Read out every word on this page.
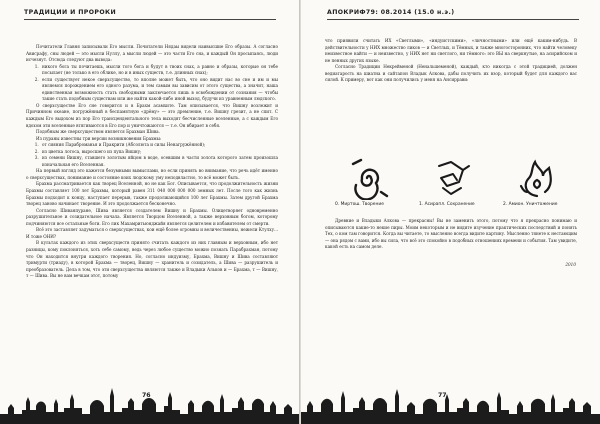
ТРАДИЦИИ И ПРОРОКИ

Почитатели Главня записывали Его мысли. Почитатели Нядаы видели наивысшие Его образы. А согласно Ависрафу, сны людей — это мысли Нуллу, а мысли людей — это части Его сна, и каждый Он просыпаясь, люди исчезнут. Отсюда следуют два вывода:

1. никого бога ты почитаешь, мысли того бога и будут в твоих снах, а равно и образы, которые он тебе посылает (не только в его облике, но и в иных существ, т.е. длинных снах);
2. если существует некое сверхсущество, то вполне может быть, что оно видит нас во сне и им и мы являемся порождением его одного разума, и тем самым вы зависим от этого существа, а значит, наша единственная возможность стать свободными заключается лишь в освобождении от сознания — чтобы такие стать подобным существам или же найти какой-либо иной выход, будучи из уравненным людского.

О сверхсуществе Его сне говорится и в Брахм асамхите. Там описывается, что Вишну возлежит и Причинном океане, погружённый в беспамятную «дрёму» — это дремление, т.е. Вишну грезит, а не спит. С каждым Его выдохом из пор Его трансцендентального тела выходят бесчисленные вселенные, а с каждым Его вдохом эти вселенные втягиваются в Его пор и уничтожаются — т.е. Он вбирает в себя.

Подобным же сверхсуществом является Брахман Шива.

Из пураны известны три версии возникновения Брахмы:

1. от сияния Параброманья и Пракрити (Абсолюта и силы Ненагружённой);
2. из цветка лотоса, выросшего из пупа Вишну;
3. из семени Вишну, ставшего золотым яйцом в воде, осевшим в части золота которого затем произошла изначальная его Вселенная.

На первый взгляд это кажется безумными вымыслами, но если принять во внимание, что речь идёт именно о сверхсуществах, понимание и состояние коих людскому уму неподвластно, то всё может быть.

Брахма рассматривается как творец Вселенной, но не как Бог. Описывается, что продолжительность жизни Брахмы составляет 100 лет Брахмы, который равен 311 040 000 000 000 земных лет. После того как жизнь Брахмы подходит к концу, наступает перерыв, также продолжающийся 100 лет Брахмы. Затем другой Брахма творец заново начинает творение. И это продолжается бесконечно.

Согласно Шиванпуране, Шива является создателем Вишну и Брахмы. Олицетворяет одновременно разрушительное и созидательное начала. Является Творцом Вселенной, а также верховным богом, которому подчиняются все остальные боги. Его лик Махамритьюнджайя является целителем и избавителем от смерти.

Всё это заставляет задуматься о сверхсуществах, кои ещё более огромны и величественны, нежели Ктулху... И тоже ОНИ?

В культах каждого из этих сверхсуществ принято считать каждого из них главным и верховным, ибо нет разницы, кому поклоняться, хоть себе самому, ведь через любое существо можно познать Парабрахман, потому что Он находится внутри каждого творения. Но, согласно индуизму, Брахма, Вишну и Шива составляют тримурти (триаду), в которой Брахма — творец, Вишну — хранитель и созидатель, а Шива — разрушитель и преобразователь. Дела в том, что эти сверхсущества являются также и Владыки Альков и — Брахма, т — Вишну, т — Шива. Вы не вам вечкам этот, потому

76
АПОКРИФ79: 08.2014 (15.0 н.э.)

что приявили считать ИХ «Светлыми», «индуистскими», «личностными» или ещё каким-нибудь. В действительности у НИХ множество ликов — и Светлых, и Тёмных, и также многосторонних, что найти человеку неизвестное найти — и неизвестно, у НИХ нет ни светлого, ни тёмного: это ВЫ на сверкнутые, на асирийском и не пенных других языке.

Согласно Традиции Некрейменой (Ненальшеменой), каждый, кто никогда с этой традицией, должен ведиатарость на шиатна и сайтапон Владык Алкова, дабы получить их взор, который будет для каждого вас силой. К примеру, вот как они получились у меня на Ансиррави:

0. Миртош. Творение	1. Асирапл. Сохранение	2. Амион. Уничтожение

Древние и Владыки Алкова — прекрасны! Вы не заменить этого, потому что я прекрасно понимаю и описываются какие-то некие пиры. Моим некоторым и не видите изучение практических последствий и понять Тех, о ком там говорится. Когда вы читаете, то мысленно всегда видите картину. Мысленно тянете к нестающим — она рядом с вами, ибо вы сила, что всё это спокойно в подобных отношениях времени и события. Там увидите, какой есть на самом деле.

2010
77
